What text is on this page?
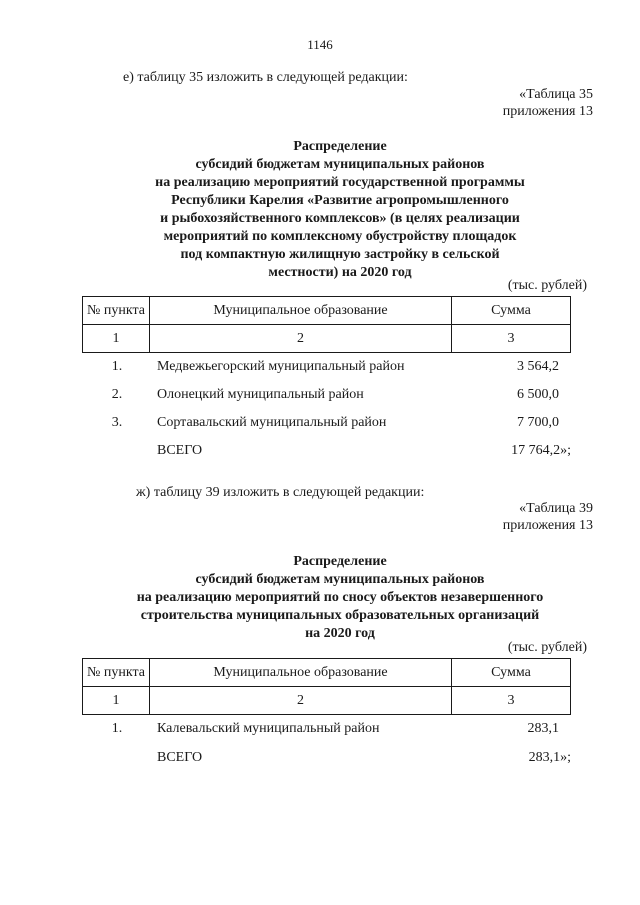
1146
е) таблицу 35 изложить в следующей редакции:
«Таблица 35
приложения 13
Распределение
субсидий бюджетам муниципальных районов
на реализацию мероприятий государственной программы
Республики Карелия «Развитие агропромышленного
и рыбохозяйственного комплексов» (в целях реализации
мероприятий по комплексному обустройству площадок
под компактную жилищную застройку в сельской
местности) на 2020 год
(тыс. рублей)
№ пункта	Муниципальное образование	Сумма
1	2	3
1.	Медвежьегорский муниципальный район	3 564,2
2.	Олонецкий муниципальный район	6 500,0
3.	Сортавальский муниципальный район	7 700,0
ВСЕГО	17 764,2»;
ж) таблицу 39 изложить в следующей редакции:
«Таблица 39
приложения 13
Распределение
субсидий бюджетам муниципальных районов
на реализацию мероприятий по сносу объектов незавершенного
строительства муниципальных образовательных организаций
на 2020 год
(тыс. рублей)
№ пункта	Муниципальное образование	Сумма
1	2	3
1.	Калевальский муниципальный район	283,1
ВСЕГО	283,1»;
